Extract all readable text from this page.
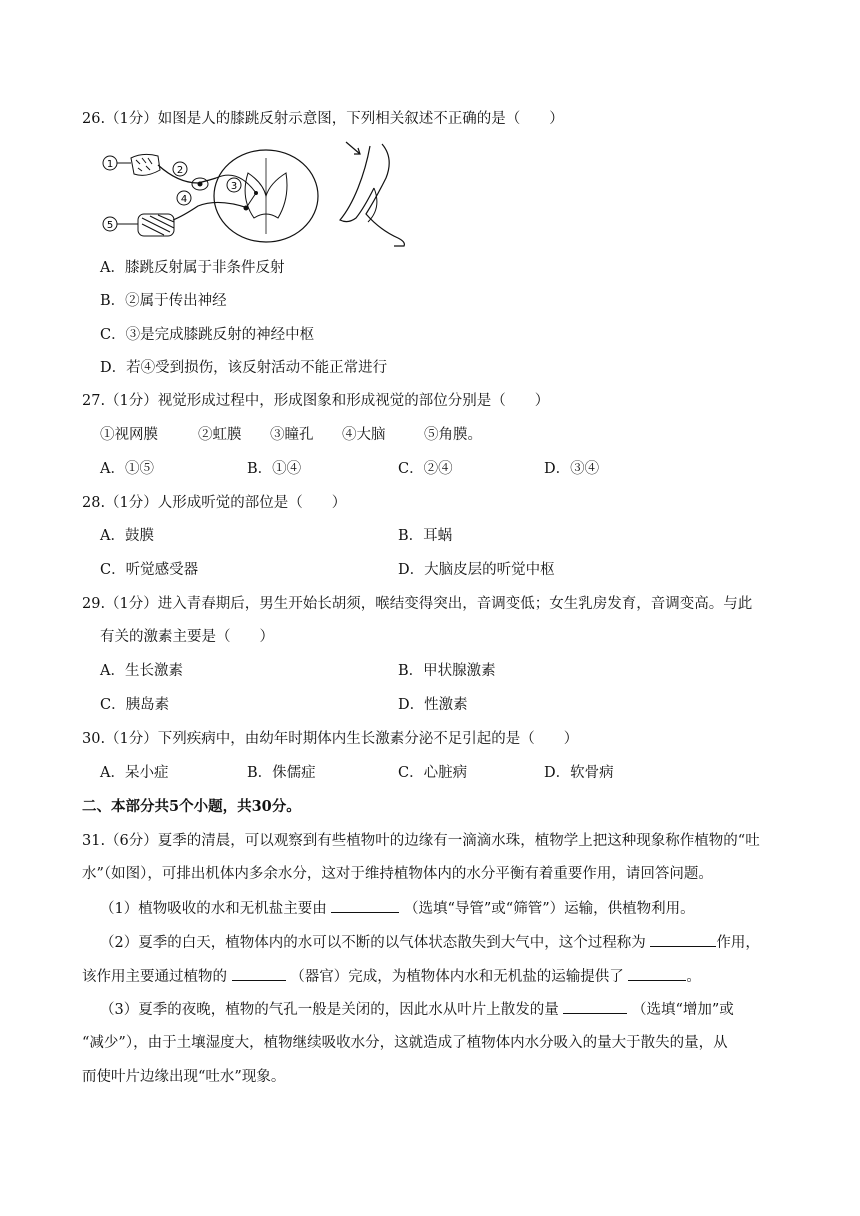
26.（1分）如图是人的膝跳反射示意图，下列相关叙述不正确的是（　　）
1
2
4
3
5
A．膝跳反射属于非条件反射
B．②属于传出神经
C．③是完成膝跳反射的神经中枢
D．若④受到损伤，该反射活动不能正常进行
27.（1分）视觉形成过程中，形成图象和形成视觉的部位分别是（　　）
①视网膜	②虹膜 ③瞳孔 ④大脑	⑤角膜。
A．①⑤	B．①④	C．②④	D．③④
28.（1分）人形成听觉的部位是（　　）
A．鼓膜	B．耳蜗
C．听觉感受器	D．大脑皮层的听觉中枢
29.（1分）进入青春期后，男生开始长胡须，喉结变得突出，音调变低；女生乳房发育，音调变高。与此
有关的激素主要是（　　）
A．生长激素	B．甲状腺激素
C．胰岛素	D．性激素
30.（1分）下列疾病中，由幼年时期体内生长激素分泌不足引起的是（　　）
A．呆小症	B．侏儒症	C．心脏病	D．软骨病
二、本部分共5个小题，共30分。
31.（6分）夏季的清晨，可以观察到有些植物叶的边缘有一滴滴水珠，植物学上把这种现象称作植物的“吐
水”（如图），可排出机体内多余水分，这对于维持植物体内的水分平衡有着重要作用，请回答问题。
（1）植物吸收的水和无机盐主要由	（选填“导管”或“筛管”）运输，供植物利用。
（2）夏季的白天，植物体内的水可以不断的以气体状态散失到大气中，这个过程称为	作用，
该作用主要通过植物的	（器官）完成，为植物体内水和无机盐的运输提供了	。
（3）夏季的夜晚，植物的气孔一般是关闭的，因此水从叶片上散发的量	（选填“增加”或
“减少”），由于土壤湿度大，植物继续吸收水分，这就造成了植物体内水分吸入的量大于散失的量，从
而使叶片边缘出现“吐水”现象。
